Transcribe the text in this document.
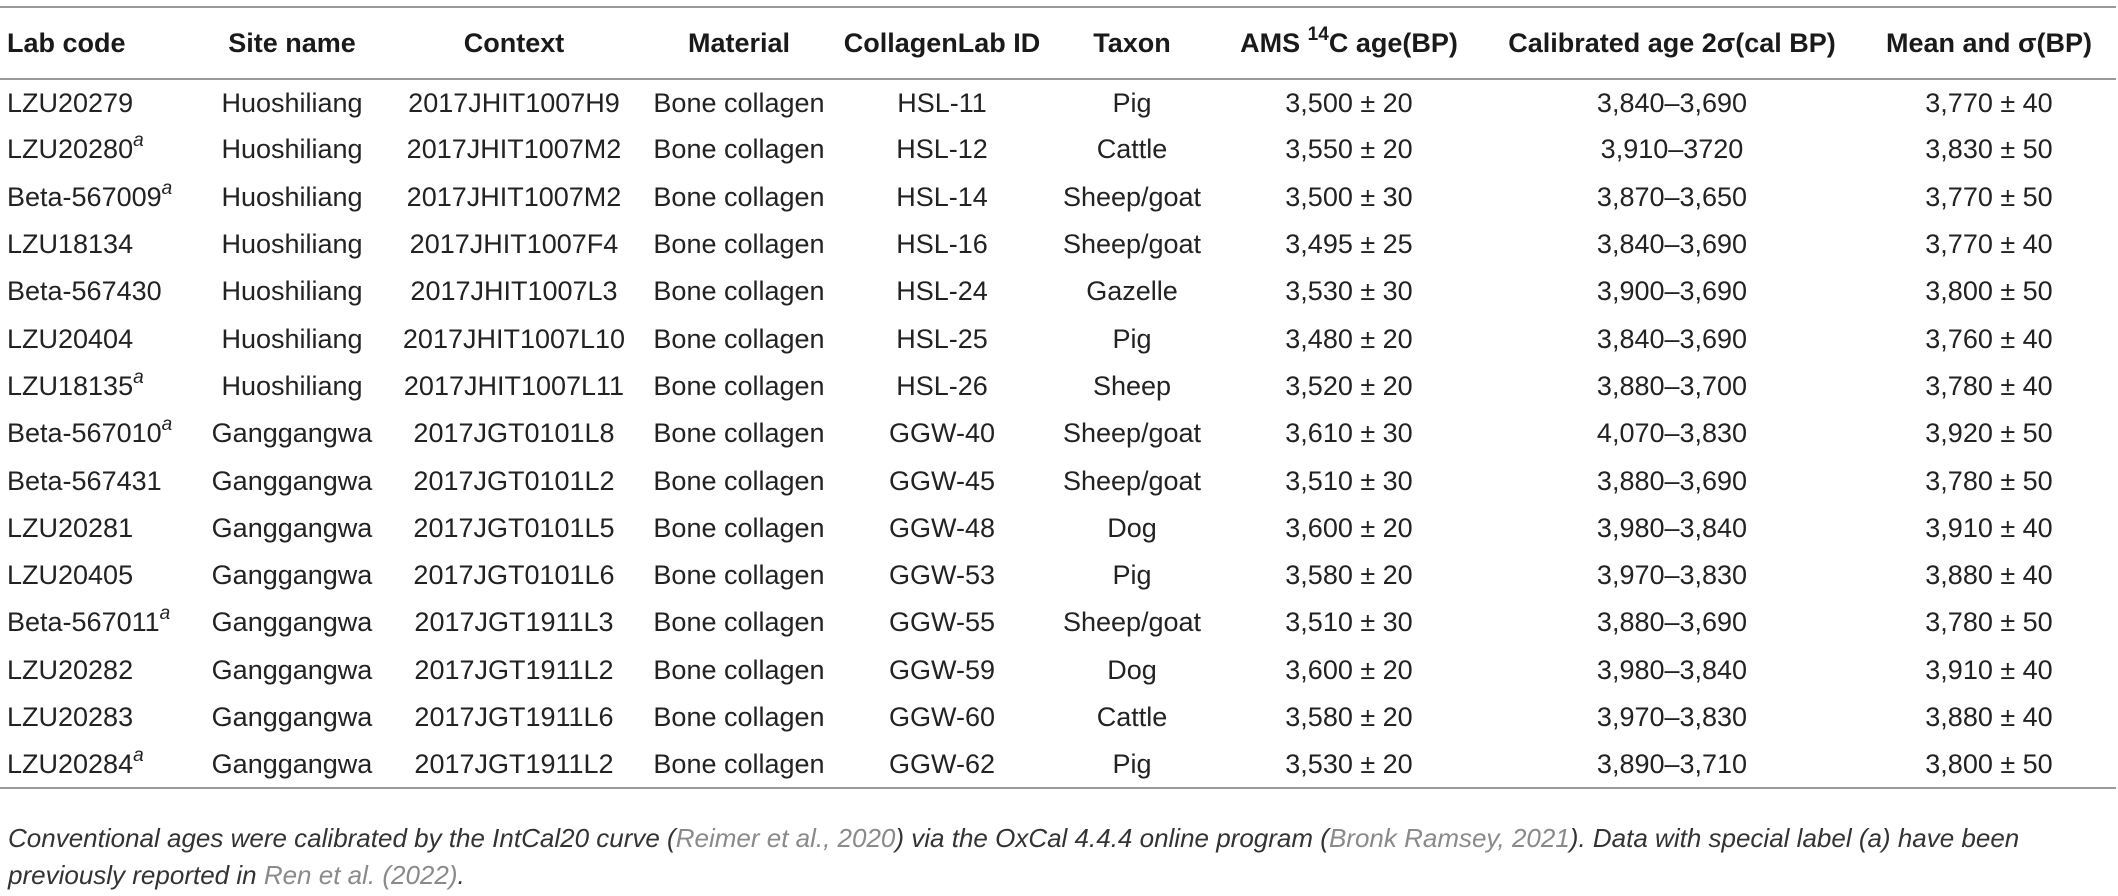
Lab code	Site name	Context	Material	CollagenLab ID	Taxon	AMS $^{14}$C age(BP)	Calibrated age 2σ(cal BP)	Mean and σ(BP)
LZU20279	Huoshiliang	2017JHIT1007H9	Bone collagen	HSL-11	Pig	3,500 ± 20	3,840–3,690	3,770 ± 40
LZU20280$^a$	Huoshiliang	2017JHIT1007M2	Bone collagen	HSL-12	Cattle	3,550 ± 20	3,910–3720	3,830 ± 50
Beta-567009$^a$	Huoshiliang	2017JHIT1007M2	Bone collagen	HSL-14	Sheep/goat	3,500 ± 30	3,870–3,650	3,770 ± 50
LZU18134	Huoshiliang	2017JHIT1007F4	Bone collagen	HSL-16	Sheep/goat	3,495 ± 25	3,840–3,690	3,770 ± 40
Beta-567430	Huoshiliang	2017JHIT1007L3	Bone collagen	HSL-24	Gazelle	3,530 ± 30	3,900–3,690	3,800 ± 50
LZU20404	Huoshiliang	2017JHIT1007L10	Bone collagen	HSL-25	Pig	3,480 ± 20	3,840–3,690	3,760 ± 40
LZU18135$^a$	Huoshiliang	2017JHIT1007L11	Bone collagen	HSL-26	Sheep	3,520 ± 20	3,880–3,700	3,780 ± 40
Beta-567010$^a$	Ganggangwa	2017JGT0101L8	Bone collagen	GGW-40	Sheep/goat	3,610 ± 30	4,070–3,830	3,920 ± 50
Beta-567431	Ganggangwa	2017JGT0101L2	Bone collagen	GGW-45	Sheep/goat	3,510 ± 30	3,880–3,690	3,780 ± 50
LZU20281	Ganggangwa	2017JGT0101L5	Bone collagen	GGW-48	Dog	3,600 ± 20	3,980–3,840	3,910 ± 40
LZU20405	Ganggangwa	2017JGT0101L6	Bone collagen	GGW-53	Pig	3,580 ± 20	3,970–3,830	3,880 ± 40
Beta-567011$^a$	Ganggangwa	2017JGT1911L3	Bone collagen	GGW-55	Sheep/goat	3,510 ± 30	3,880–3,690	3,780 ± 50
LZU20282	Ganggangwa	2017JGT1911L2	Bone collagen	GGW-59	Dog	3,600 ± 20	3,980–3,840	3,910 ± 40
LZU20283	Ganggangwa	2017JGT1911L6	Bone collagen	GGW-60	Cattle	3,580 ± 20	3,970–3,830	3,880 ± 40
LZU20284$^a$	Ganggangwa	2017JGT1911L2	Bone collagen	GGW-62	Pig	3,530 ± 20	3,890–3,710	3,800 ± 50
Conventional ages were calibrated by the IntCal20 curve (Reimer et al., 2020) via the OxCal 4.4.4 online program (Bronk Ramsey, 2021). Data with special label (a) have been previously reported in Ren et al. (2022).
